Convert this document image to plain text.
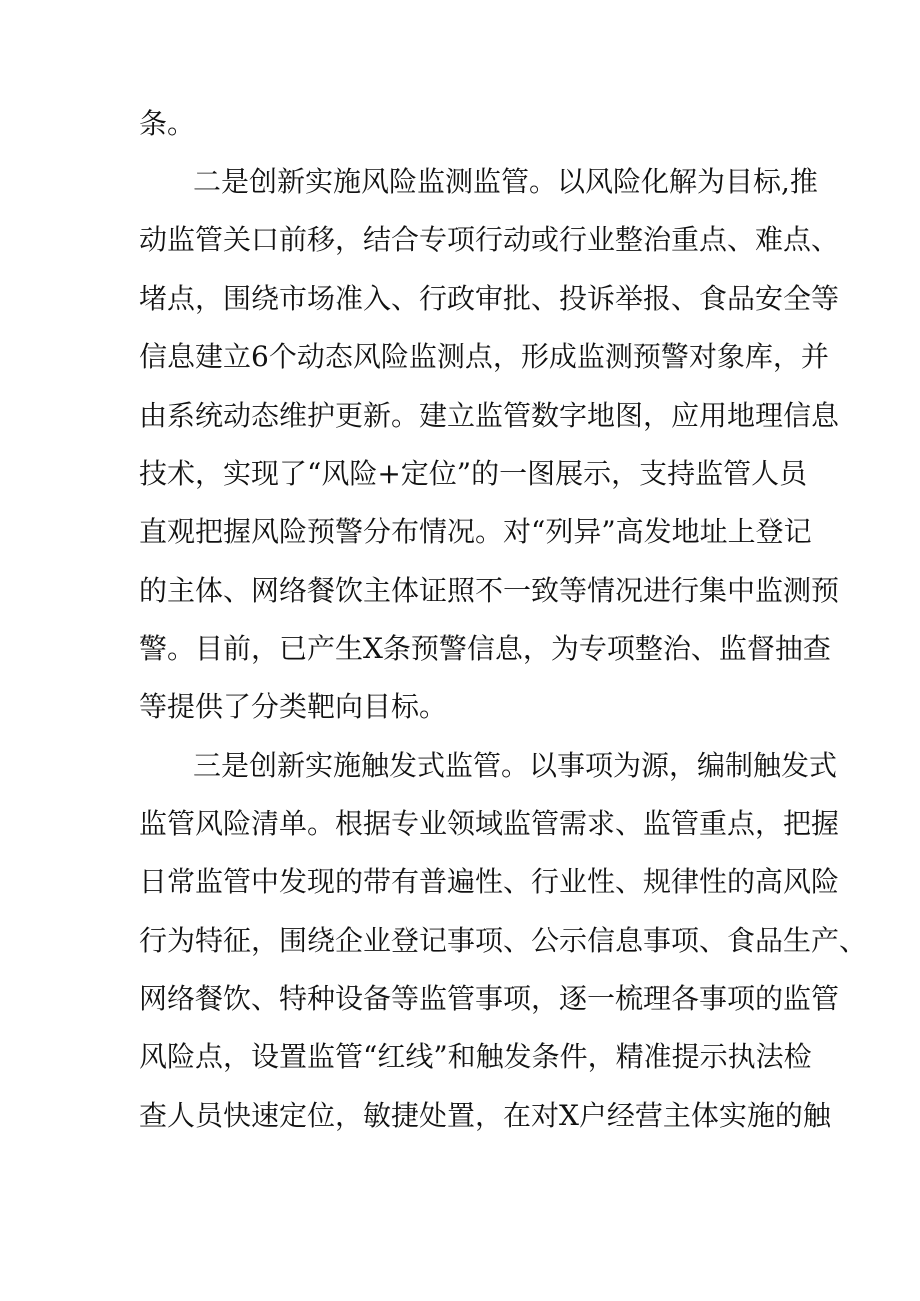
条。
二是创新实施风险监测监管。以风险化解为目标,推
动监管关口前移，结合专项行动或行业整治重点、难点、
堵点，围绕市场准入、行政审批、投诉举报、食品安全等
信息建立6个动态风险监测点，形成监测预警对象库，并
由系统动态维护更新。建立监管数字地图，应用地理信息
技术，实现了“风险+定位”的一图展示，支持监管人员
直观把握风险预警分布情况。对“列异”高发地址上登记
的主体、网络餐饮主体证照不一致等情况进行集中监测预
警。目前，已产生X条预警信息，为专项整治、监督抽查
等提供了分类靶向目标。
三是创新实施触发式监管。以事项为源，编制触发式
监管风险清单。根据专业领域监管需求、监管重点，把握
日常监管中发现的带有普遍性、行业性、规律性的高风险
行为特征，围绕企业登记事项、公示信息事项、食品生产、
网络餐饮、特种设备等监管事项，逐一梳理各事项的监管
风险点，设置监管“红线”和触发条件，精准提示执法检
查人员快速定位，敏捷处置，在对X户经营主体实施的触
